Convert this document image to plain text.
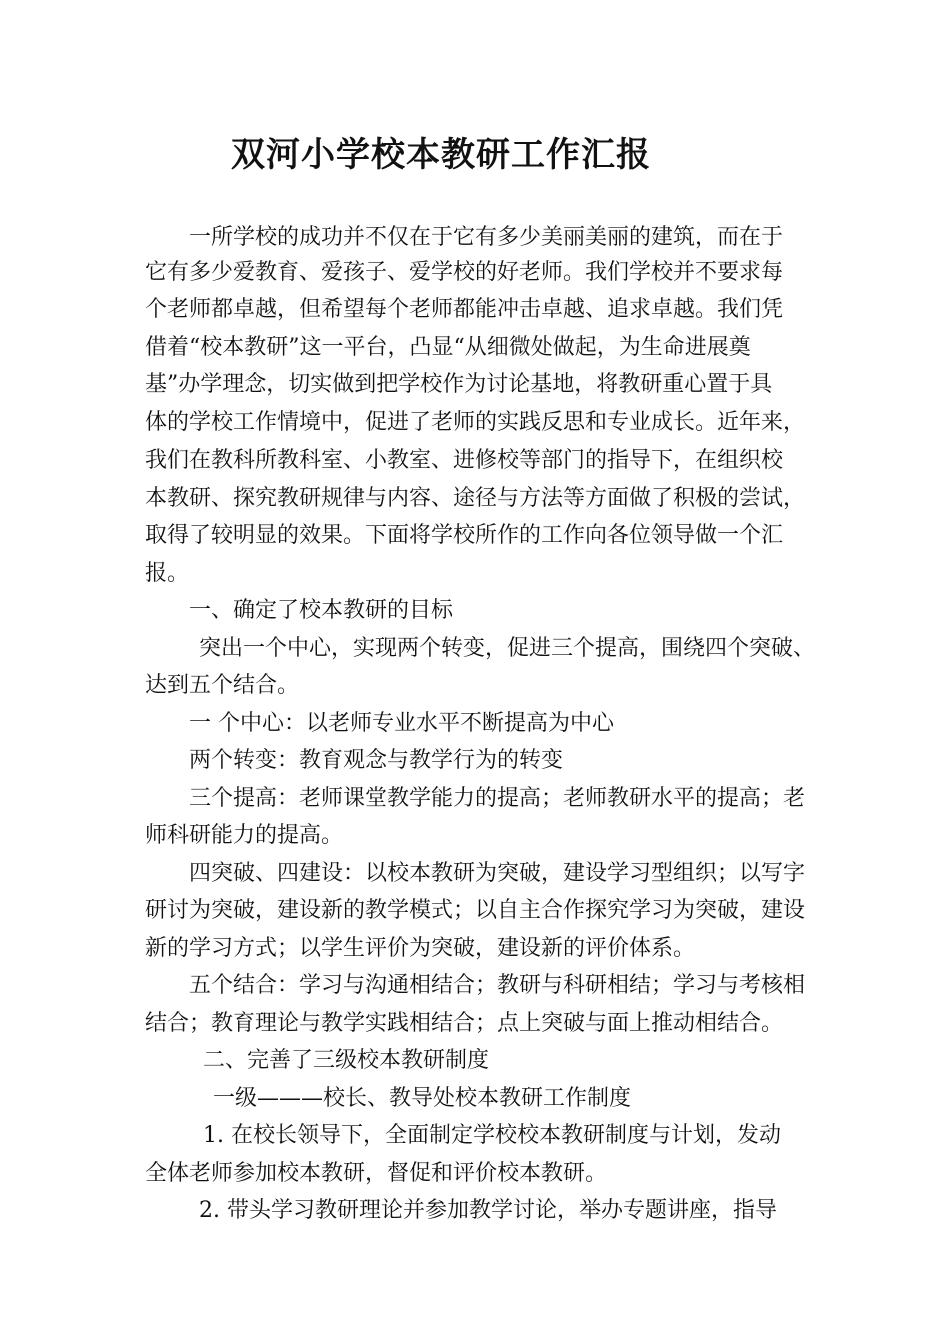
双河小学校本教研工作汇报

一所学校的成功并不仅在于它有多少美丽美丽的建筑，而在于

它有多少爱教育、爱孩子、爱学校的好老师。我们学校并不要求每

个老师都卓越，但希望每个老师都能冲击卓越、追求卓越。我们凭

借着“校本教研”这一平台，凸显“从细微处做起，为生命进展奠

基”办学理念，切实做到把学校作为讨论基地，将教研重心置于具

体的学校工作情境中，促进了老师的实践反思和专业成长。近年来，

我们在教科所教科室、小教室、进修校等部门的指导下，在组织校

本教研、探究教研规律与内容、途径与方法等方面做了积极的尝试，

取得了较明显的效果。下面将学校所作的工作向各位领导做一个汇

报。

一、确定了校本教研的目标

突出一个中心，实现两个转变，促进三个提高，围绕四个突破、

达到五个结合。

一 个中心：以老师专业水平不断提高为中心

两个转变：教育观念与教学行为的转变

三个提高：老师课堂教学能力的提高；老师教研水平的提高；老

师科研能力的提高。

四突破、四建设：以校本教研为突破，建设学习型组织；以写字

研讨为突破，建设新的教学模式；以自主合作探究学习为突破，建设

新的学习方式；以学生评价为突破，建设新的评价体系。

五个结合：学习与沟通相结合；教研与科研相结；学习与考核相

结合；教育理论与教学实践相结合；点上突破与面上推动相结合。

二、完善了三级校本教研制度

一级———校长、教导处校本教研工作制度

1. 在校长领导下，全面制定学校校本教研制度与计划，发动

全体老师参加校本教研，督促和评价校本教研。

2. 带头学习教研理论并参加教学讨论，举办专题讲座，指导
